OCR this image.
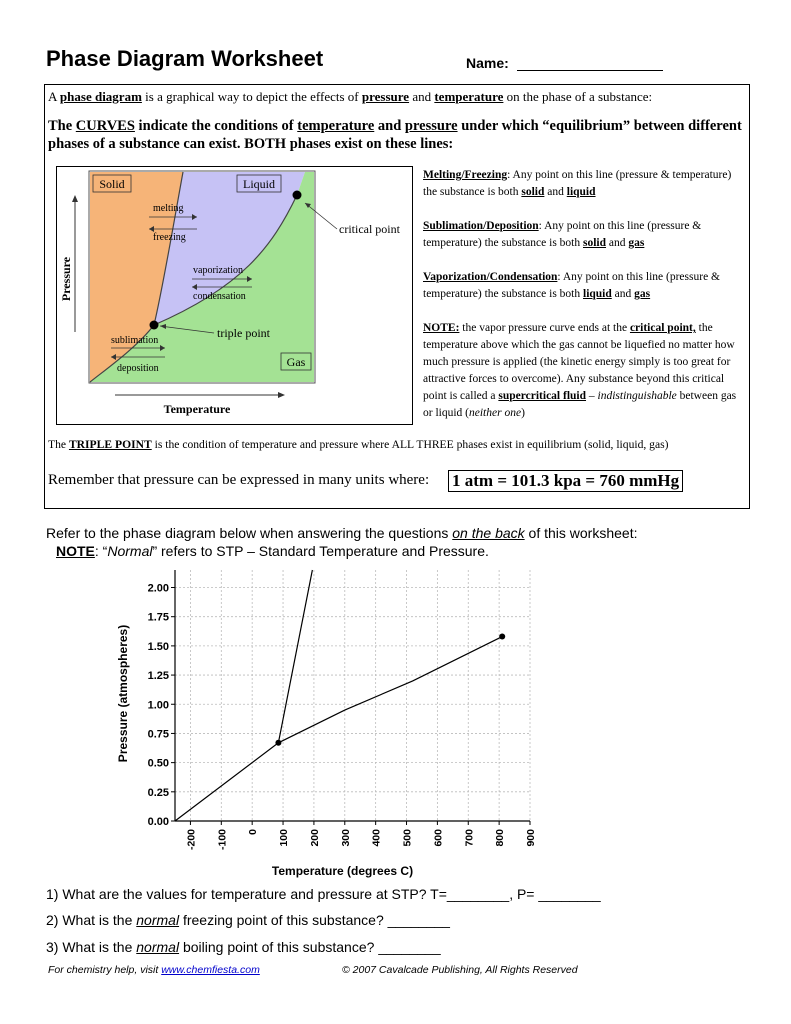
Phase Diagram Worksheet	Name:
A phase diagram is a graphical way to depict the effects of pressure and temperature on the phase of a substance:
The CURVES indicate the conditions of temperature and pressure under which “equilibrium” between different phases of a substance can exist. BOTH phases exist on these lines:
Solid	Liquid
Gas
melting
freezing
vaporization
condensation
sublimation
deposition
critical point
triple point
Pressure
Temperature
Melting/Freezing: Any point on this line (pressure & temperature) the substance is both solid and liquid
Sublimation/Deposition: Any point on this line (pressure & temperature) the substance is both solid and gas
Vaporization/Condensation: Any point on this line (pressure & temperature) the substance is both liquid and gas
NOTE: the vapor pressure curve ends at the critical point, the temperature above which the gas cannot be liquefied no matter how much pressure is applied (the kinetic energy simply is too great for attractive forces to overcome). Any substance beyond this critical point is called a supercritical fluid – indistinguishable between gas or liquid (neither one)
The TRIPLE POINT is the condition of temperature and pressure where ALL THREE phases exist in equilibrium (solid, liquid, gas)
Remember that pressure can be expressed in many units where: 1 atm = 101.3 kpa = 760 mmHg
Refer to the phase diagram below when answering the questions on the back of this worksheet:
NOTE: “Normal” refers to STP – Standard Temperature and Pressure.
-200 -100 0 100 200 300 400 500 600 700 800 900
0.00
0.25
0.50
0.75
1.00
1.25
1.50
1.75
2.00
Temperature (degrees C)
Pressure (atmospheres)
1) What are the values for temperature and pressure at STP? T=________, P= ________
2) What is the normal freezing point of this substance? ________
3) What is the normal boiling point of this substance? ________
For chemistry help, visit www.chemfiesta.com	© 2007 Cavalcade Publishing, All Rights Reserved
